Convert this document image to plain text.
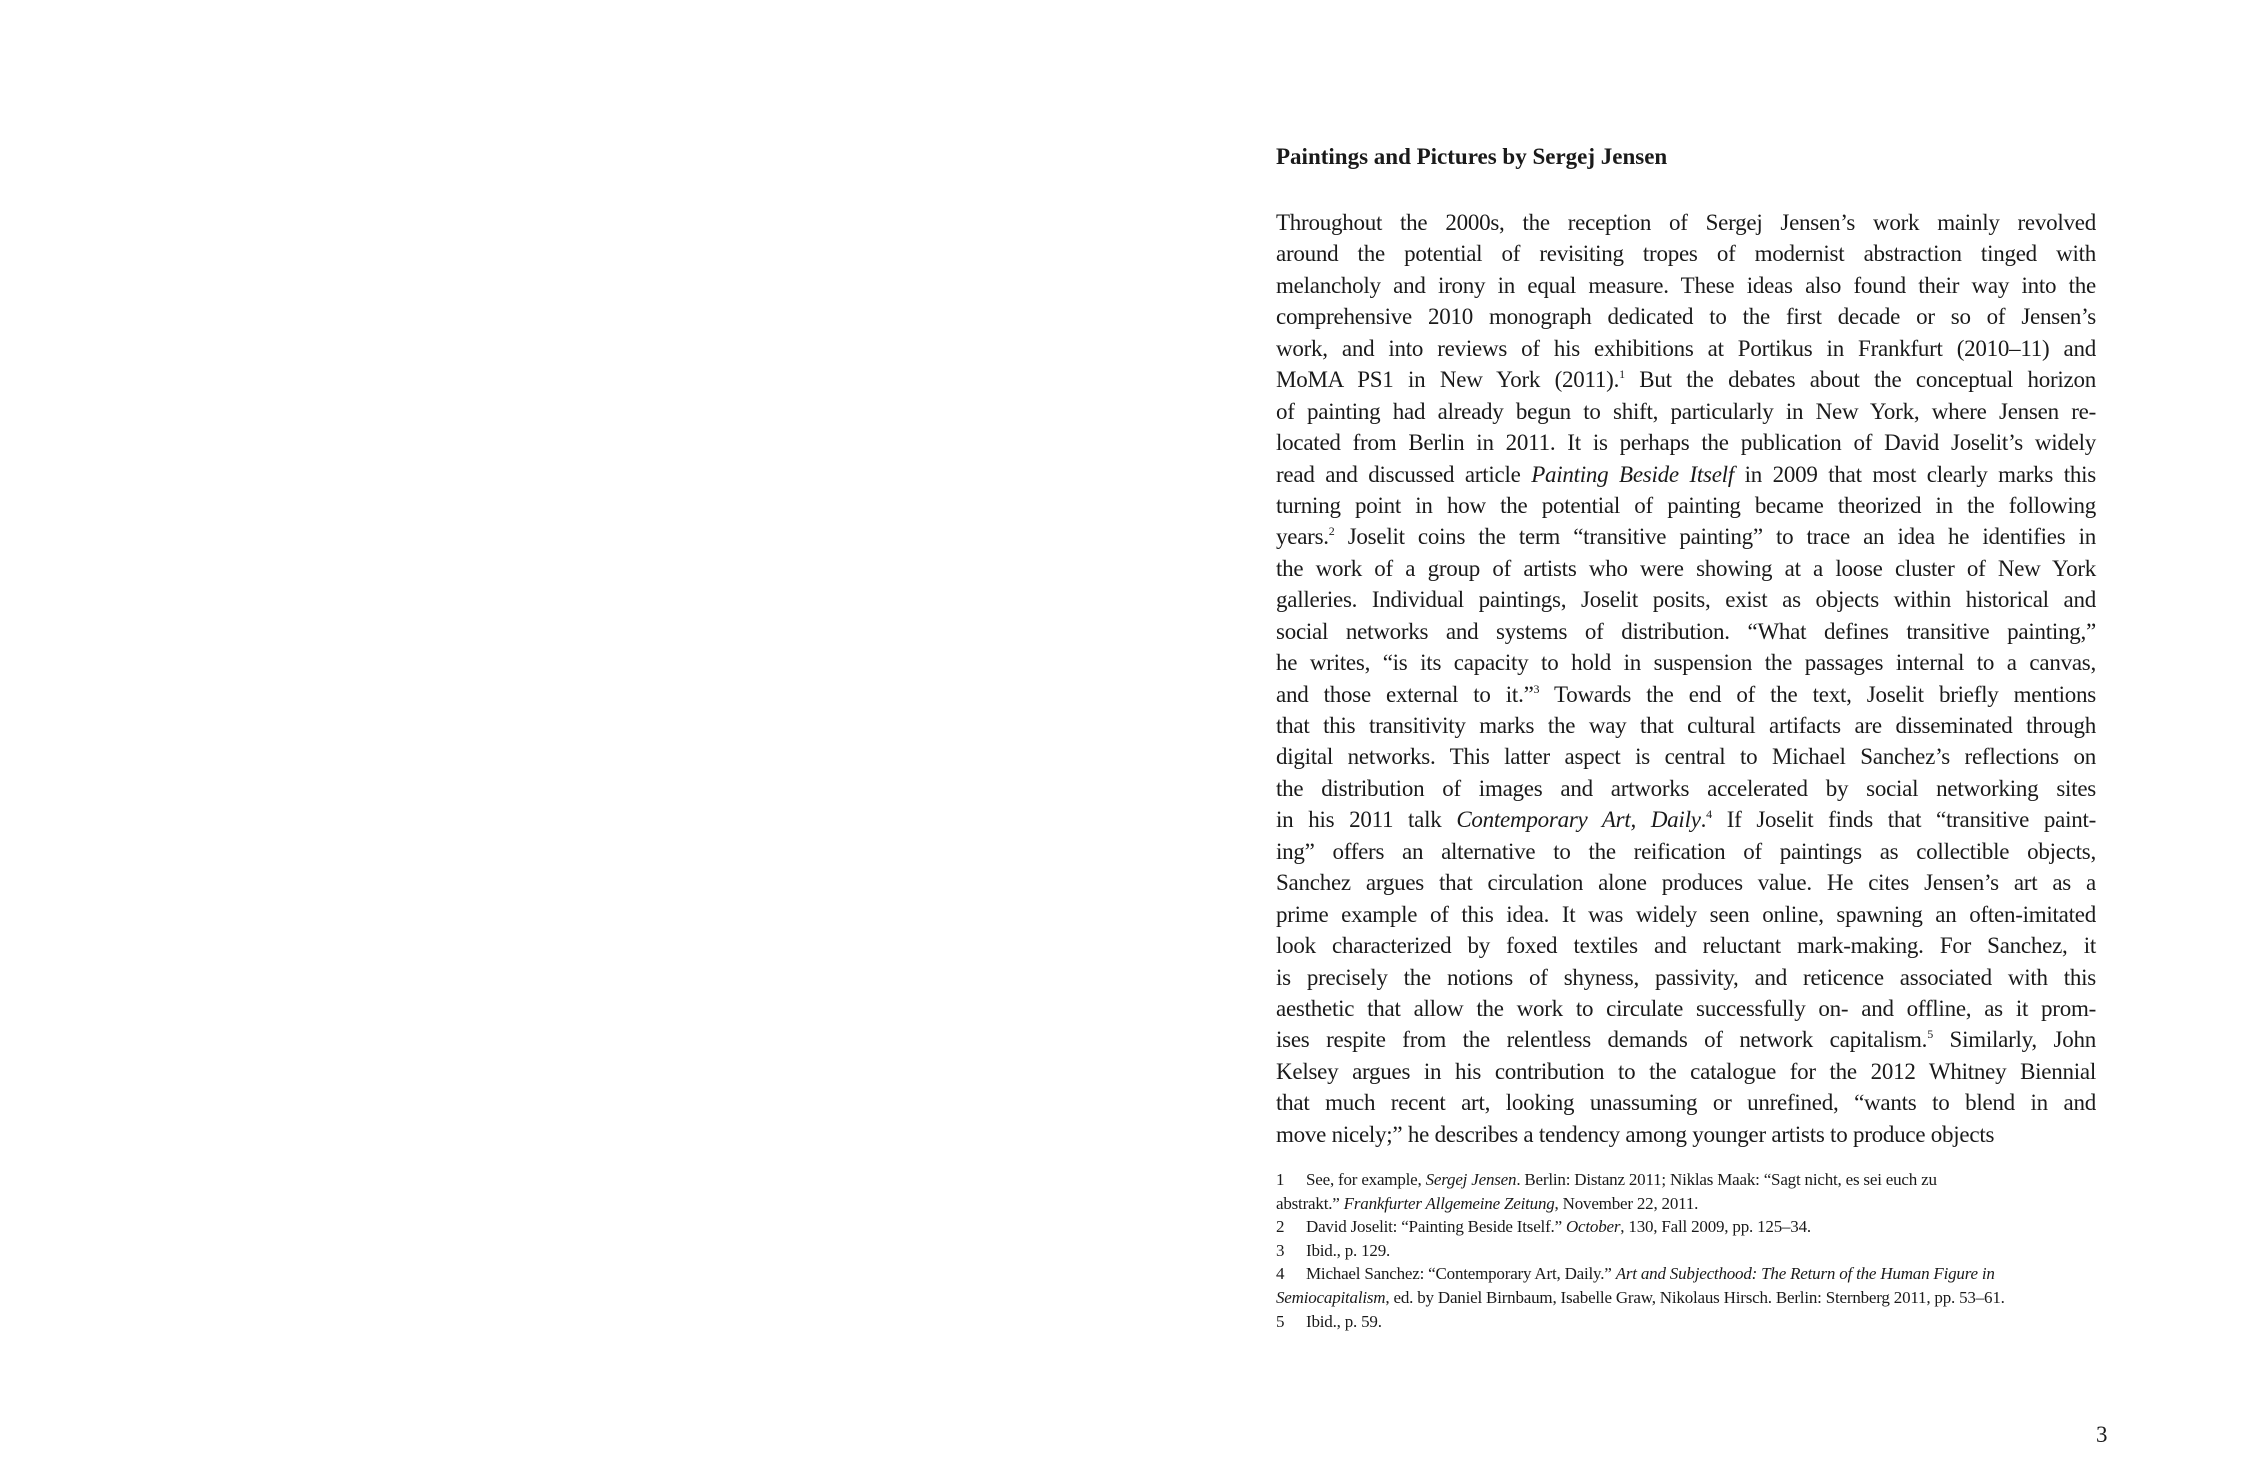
Paintings and Pictures by Sergej Jensen
Throughout the 2000s, the reception of Sergej Jensen’s work mainly revolved
around the potential of revisiting tropes of modernist abstraction tinged with
melancholy and irony in equal measure. These ideas also found their way into the
comprehensive 2010 monograph dedicated to the first decade or so of Jensen’s
work, and into reviews of his exhibitions at Portikus in Frankfurt (2010–11) and
MoMA PS1 in New York (2011).$^1$ But the debates about the conceptual horizon
of painting had already begun to shift, particularly in New York, where Jensen re-
located from Berlin in 2011. It is perhaps the publication of David Joselit’s widely
read and discussed article Painting Beside Itself in 2009 that most clearly marks this
turning point in how the potential of painting became theorized in the following
years.$^2$ Joselit coins the term “transitive painting” to trace an idea he identifies in
the work of a group of artists who were showing at a loose cluster of New York
galleries. Individual paintings, Joselit posits, exist as objects within historical and
social networks and systems of distribution. “What defines transitive painting,”
he writes, “is its capacity to hold in suspension the passages internal to a canvas,
and those external to it.”$^3$ Towards the end of the text, Joselit briefly mentions
that this transitivity marks the way that cultural artifacts are disseminated through
digital networks. This latter aspect is central to Michael Sanchez’s reflections on
the distribution of images and artworks accelerated by social networking sites
in his 2011 talk Contemporary Art, Daily.$^4$ If Joselit finds that “transitive paint-
ing” offers an alternative to the reification of paintings as collectible objects,
Sanchez argues that circulation alone produces value. He cites Jensen’s art as a
prime example of this idea. It was widely seen online, spawning an often-imitated
look characterized by foxed textiles and reluctant mark-making. For Sanchez, it
is precisely the notions of shyness, passivity, and reticence associated with this
aesthetic that allow the work to circulate successfully on- and offline, as it prom-
ises respite from the relentless demands of network capitalism.$^5$ Similarly, John
Kelsey argues in his contribution to the catalogue for the 2012 Whitney Biennial
that much recent art, looking unassuming or unrefined, “wants to blend in and
move nicely;” he describes a tendency among younger artists to produce objects
1 See, for example, Sergej Jensen. Berlin: Distanz 2011; Niklas Maak: “Sagt nicht, es sei euch zu
abstrakt.” Frankfurter Allgemeine Zeitung, November 22, 2011.
2 David Joselit: “Painting Beside Itself.” October, 130, Fall 2009, pp. 125–34.
3 Ibid., p. 129.
4 Michael Sanchez: “Contemporary Art, Daily.” Art and Subjecthood: The Return of the Human Figure in
Semiocapitalism, ed. by Daniel Birnbaum, Isabelle Graw, Nikolaus Hirsch. Berlin: Sternberg 2011, pp. 53–61.
5 Ibid., p. 59.
3
